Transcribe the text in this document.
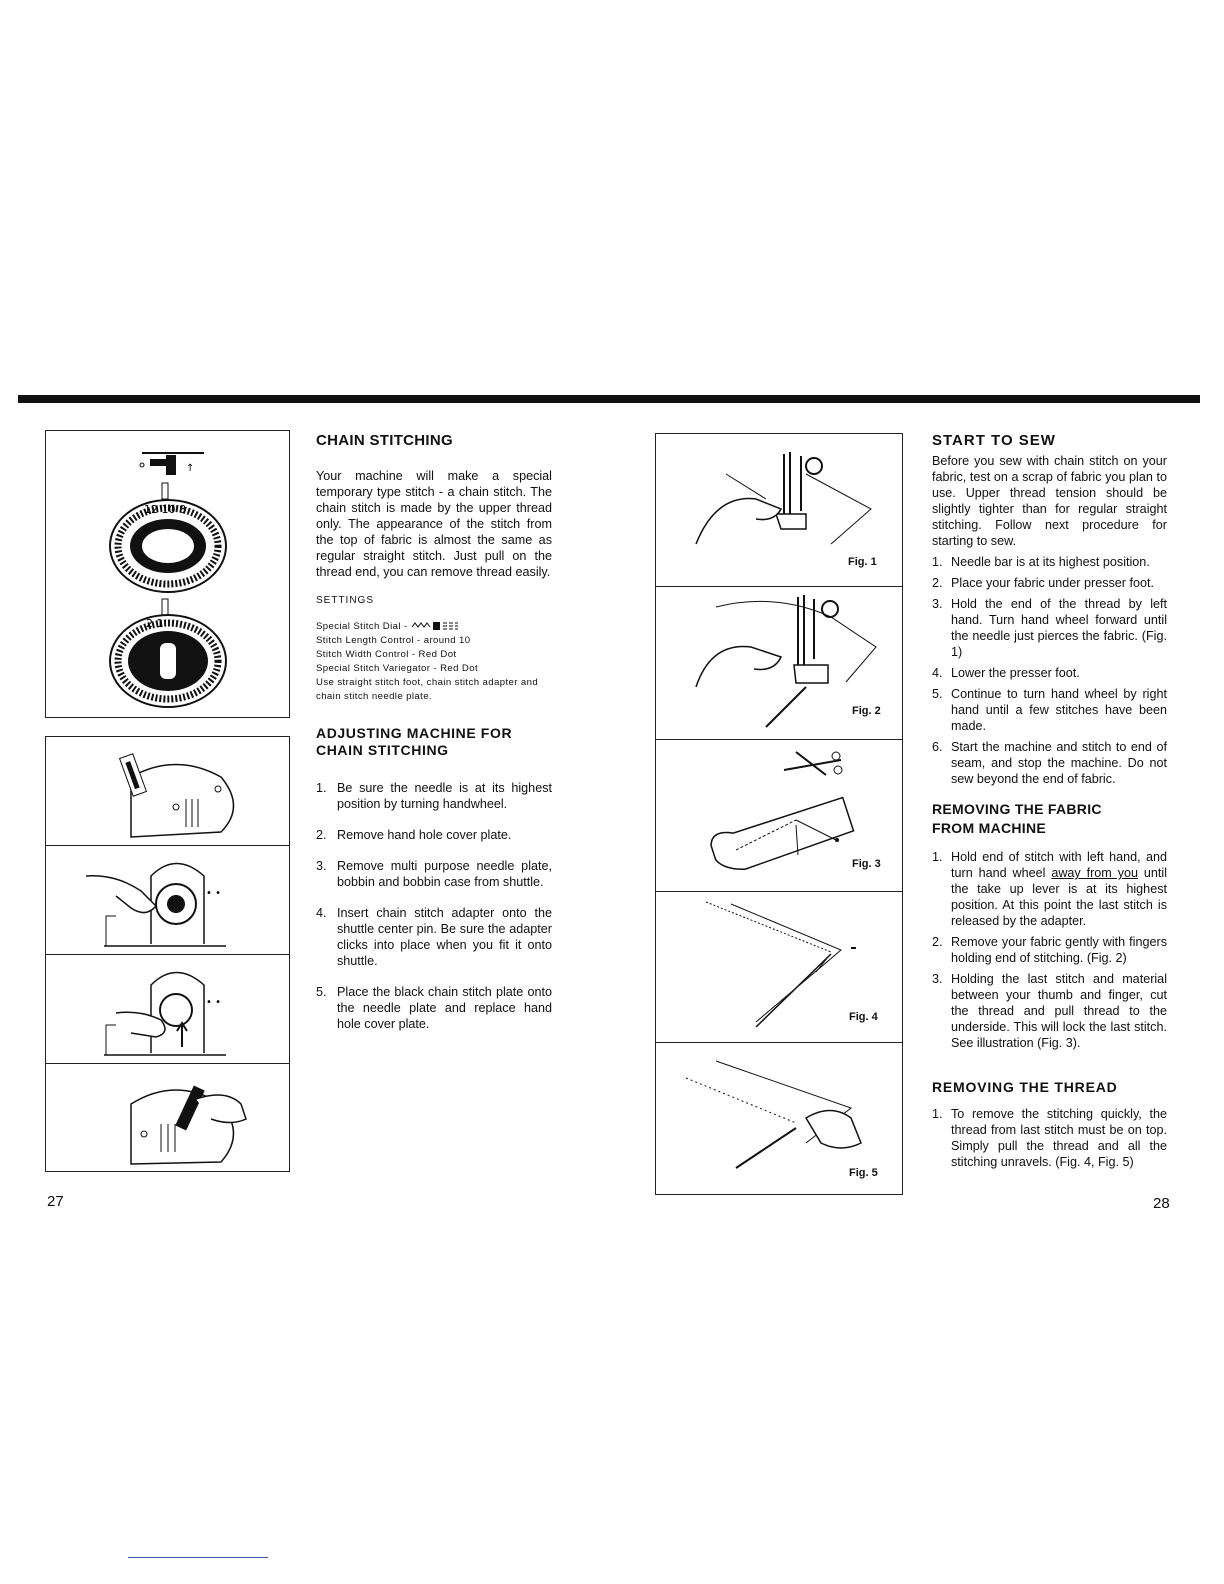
↑
12 10 8
2 1
• •
• •
27
CHAIN STITCHING

Your machine will make a special temporary type stitch - a chain stitch. The chain stitch is made by the upper thread only. The appearance of the stitch from the top of fabric is almost the same as regular straight stitch. Just pull on the thread end, you can remove thread easily.

SETTINGS

Special Stitch Dial -

Stitch Length Control - around 10

Stitch Width Control - Red Dot

Special Stitch Variegator - Red Dot

Use straight stitch foot, chain stitch adapter and chain stitch needle plate.

ADJUSTING MACHINE FOR CHAIN STITCHING
1. Be sure the needle is at its highest position by turning handwheel.
2. Remove hand hole cover plate.
3. Remove multi purpose needle plate, bobbin and bobbin case from shuttle.
4. Insert chain stitch adapter onto the shuttle center pin. Be sure the adapter clicks into place when you fit it onto shuttle.
5. Place the black chain stitch plate onto the needle plate and replace hand hole cover plate.
Fig. 1
Fig. 2
Fig. 3
Fig. 4
Fig. 5
START TO SEW

Before you sew with chain stitch on your fabric, test on a scrap of fabric you plan to use. Upper thread tension should be slightly tighter than for regular straight stitching. Follow next procedure for starting to sew.

1. Needle bar is at its highest position.
2. Place your fabric under presser foot.
3. Hold the end of the thread by left hand. Turn hand wheel forward until the needle just pierces the fabric. (Fig. 1)
4. Lower the presser foot.
5. Continue to turn hand wheel by right hand until a few stitches have been made.
6. Start the machine and stitch to end of seam, and stop the machine. Do not sew beyond the end of fabric.
REMOVING THE FABRIC FROM MACHINE
1. Hold end of stitch with left hand, and turn hand wheel away from you until the take up lever is at its highest position. At this point the last stitch is released by the adapter.
2. Remove your fabric gently with fingers holding end of stitching. (Fig. 2)
3. Holding the last stitch and material between your thumb and finger, cut the thread and pull thread to the underside. This will lock the last stitch. See illustration (Fig. 3).
REMOVING THE THREAD
1. To remove the stitching quickly, the thread from last stitch must be on top. Simply pull the thread and all the stitching unravels. (Fig. 4, Fig. 5)
28
